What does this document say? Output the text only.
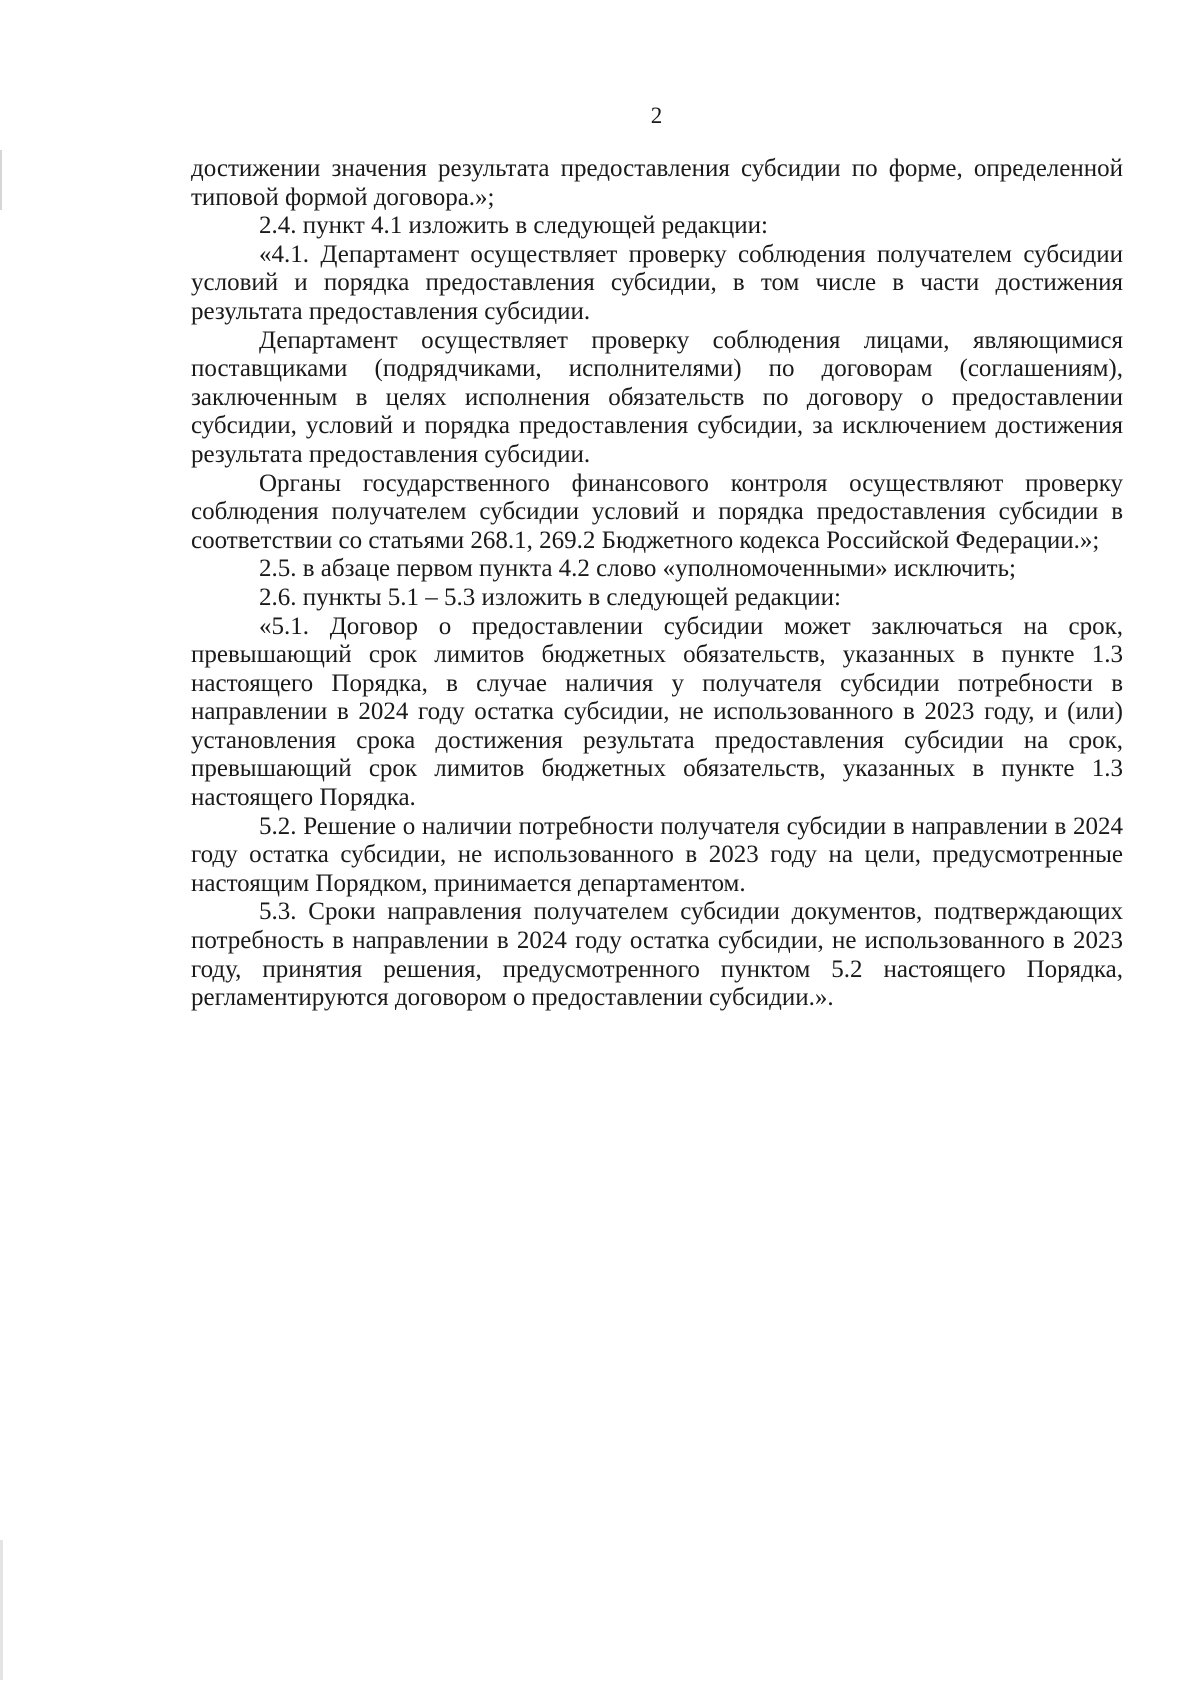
2

достижении значения результата предоставления субсидии по форме, определенной типовой формой договора.»;

2.4. пункт 4.1 изложить в следующей редакции:

«4.1. Департамент осуществляет проверку соблюдения получателем субсидии условий и порядка предоставления субсидии, в том числе в части достижения результата предоставления субсидии.

Департамент осуществляет проверку соблюдения лицами, являющимися поставщиками (подрядчиками, исполнителями) по договорам (соглашениям), заключенным в целях исполнения обязательств по договору о предоставлении субсидии, условий и порядка предоставления субсидии, за исключением достижения результата предоставления субсидии.

Органы государственного финансового контроля осуществляют проверку соблюдения получателем субсидии условий и порядка предоставления субсидии в соответствии со статьями 268.1, 269.2 Бюджетного кодекса Российской Федерации.»;

2.5. в абзаце первом пункта 4.2 слово «уполномоченными» исключить;

2.6. пункты 5.1 – 5.3 изложить в следующей редакции:

«5.1. Договор о предоставлении субсидии может заключаться на срок, превышающий срок лимитов бюджетных обязательств, указанных в пункте 1.3 настоящего Порядка, в случае наличия у получателя субсидии потребности в направлении в 2024 году остатка субсидии, не использованного в 2023 году, и (или) установления срока достижения результата предоставления субсидии на срок, превышающий срок лимитов бюджетных обязательств, указанных в пункте 1.3 настоящего Порядка.

5.2. Решение о наличии потребности получателя субсидии в направлении в 2024 году остатка субсидии, не использованного в 2023 году на цели, предусмотренные настоящим Порядком, принимается департаментом.

5.3. Сроки направления получателем субсидии документов, подтверждающих потребность в направлении в 2024 году остатка субсидии, не использованного в 2023 году, принятия решения, предусмотренного пунктом 5.2 настоящего Порядка, регламентируются договором о предоставлении субсидии.».
